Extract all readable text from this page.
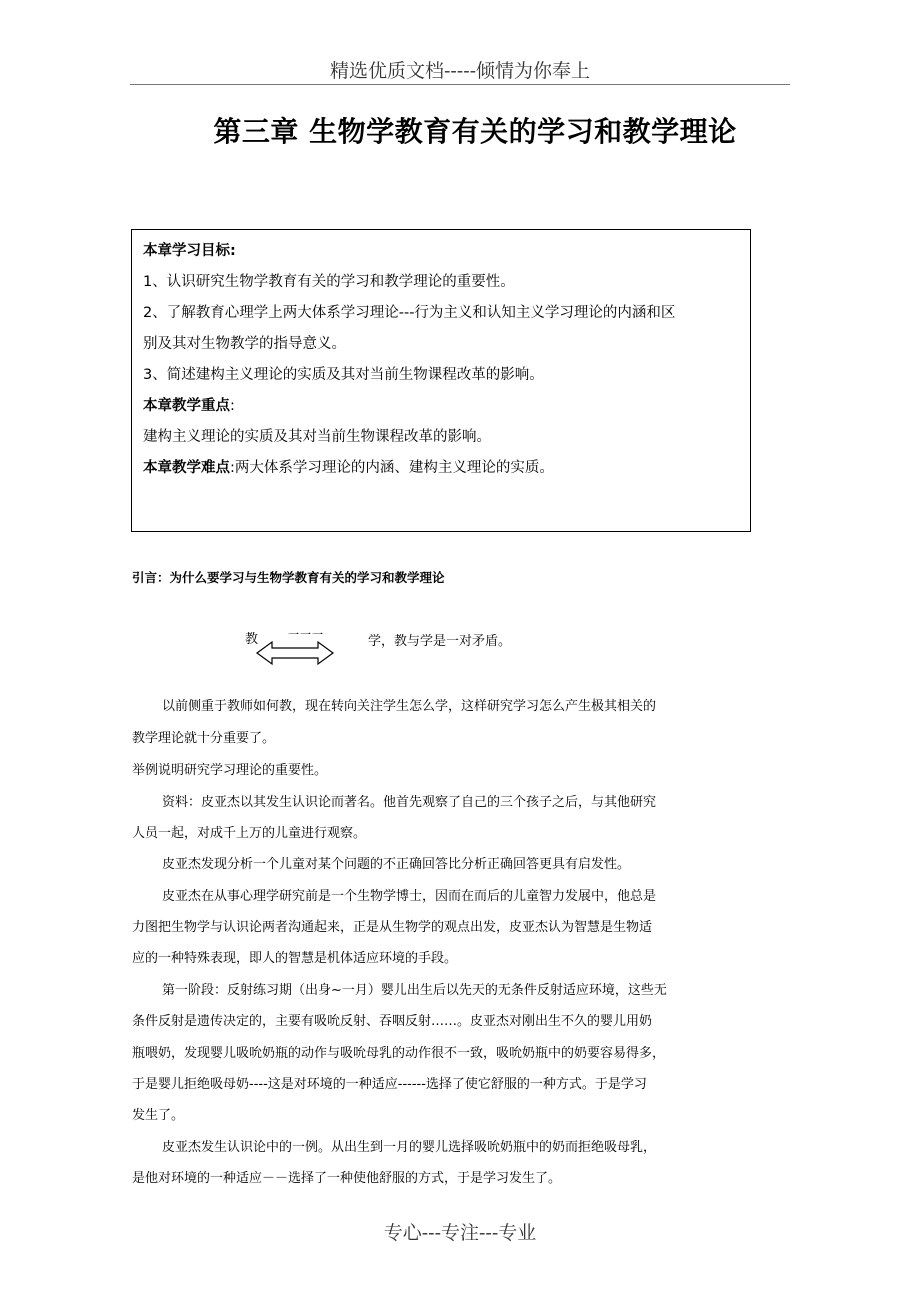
精选优质文档-----倾情为你奉上
第三章 生物学教育有关的学习和教学理论

本章学习目标:

1、认识研究生物学教育有关的学习和教学理论的重要性。

2、了解教育心理学上两大体系学习理论---行为主义和认知主义学习理论的内涵和区

别及其对生物教学的指导意义。

3、简述建构主义理论的实质及其对当前生物课程改革的影响。

本章教学重点:

建构主义理论的实质及其对当前生物课程改革的影响。

本章教学难点:两大体系学习理论的内涵、建构主义理论的实质。

引言：为什么要学习与生物学教育有关的学习和教学理论
教	一一一	学，教与学是一对矛盾。

以前侧重于教师如何教，现在转向关注学生怎么学，这样研究学习怎么产生极其相关的

教学理论就十分重要了。

举例说明研究学习理论的重要性。

资料：皮亚杰以其发生认识论而著名。他首先观察了自己的三个孩子之后，与其他研究

人员一起，对成千上万的儿童进行观察。

皮亚杰发现分析一个儿童对某个问题的不正确回答比分析正确回答更具有启发性。

皮亚杰在从事心理学研究前是一个生物学博士，因而在而后的儿童智力发展中，他总是

力图把生物学与认识论两者沟通起来，正是从生物学的观点出发，皮亚杰认为智慧是生物适

应的一种特殊表现，即人的智慧是机体适应环境的手段。

第一阶段：反射练习期（出身~一月）婴儿出生后以先天的无条件反射适应环境，这些无

条件反射是遗传决定的，主要有吸吮反射、吞咽反射……。皮亚杰对刚出生不久的婴儿用奶

瓶喂奶，发现婴儿吸吮奶瓶的动作与吸吮母乳的动作很不一致，吸吮奶瓶中的奶要容易得多，

于是婴儿拒绝吸母奶----这是对环境的一种适应------选择了使它舒服的一种方式。于是学习

发生了。

皮亚杰发生认识论中的一例。从出生到一月的婴儿选择吸吮奶瓶中的奶而拒绝吸母乳，

是他对环境的一种适应－－选择了一种使他舒服的方式，于是学习发生了。

专心---专注---专业
